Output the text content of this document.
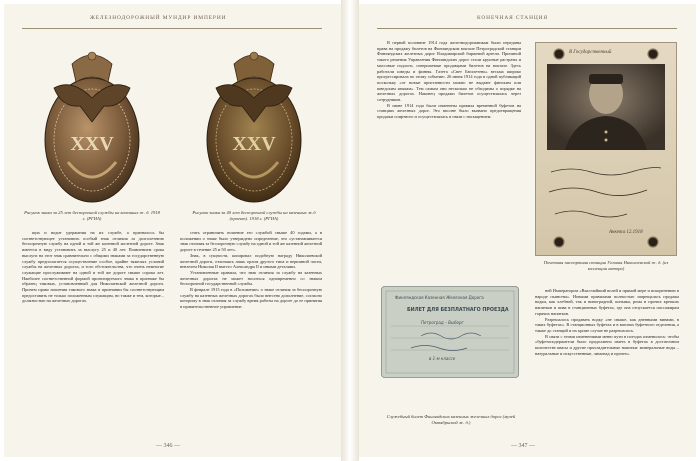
ЖЕЛЕЗНОДОРОЖНЫЙ МУНДИР ИМПЕРИИ
XXV
Рисунок знака за 25 лет беспорочной службы на казенных ж. д. 1918 г. (РГИА)
XXV
Рисунок знака за 40 лет беспорочной службы на казенных ж.д (проект). 1918 г. (РГИА)

щих и водит удержания на их службе, а призналось бы соответствующее установить особый знак отличия за долголетнюю беспорочную службу на одной и той же казенной железной дороге. Знак имеется в виду установить за выслугу 25 и 40 лет. Появлением срока выслуги на этот знак сравнительно с общими знаками за государственную службу предполагается осуществление особое, крайне тяжелых условий службы на железных дорогах, и того обстоятельства, что очень немногие служащие прослуживают на одной и той же дороге свыше сорока лет. Наиболее соответственной формой проектируемого знака в признаке бы образец таковых, установленный для Николаевской железной дороги. Причем право ношения такового знака в признании бы соответствующим предоставить не только положенным служащим, но также и тем, которые... должностью на железных дорогах.

стать ограничить ношение его службой свыше 40 годами, а в положении о знаке было утверждено определение, что «устанавливается знак отличия за беспорочную службу на одной и той же казенной железной дороге в течение 25 и 50 лет».

Знак, в сущности, копировал подобную награду Николаевской железной дороги, отличаясь лишь орлом другого типа и вершиной части, вензелем Николая II вместо Александра II и иными деталями.

Установленные правила, что знак отличия за службу на казенных железных дорогах не может носиться одновременно со знаком беспорочной государственной службы.

В феврале 1915 года в «Положение» о знаке отличия за беспорочную службу на казенных железных дорогах было внесено дополнение, согласно которому в знак отличия за службу время работы на дороге до ее принятия в правительственное управление.

— 346 —
КОНЕЧНАЯ СТАНЦИЯ

В первой половине 1914 года железнодорожникам были переданы права на продажу билетов на Финляндском вокзале Петроградской станции Финляндских железных дорог Владимирской биржевой артели. Причиной такого решения Управления Финляндских дорог стали крупные растраты и массовые подлоги, совершаемые продавцами билетов на вокзале. Здесь работали шведы и финны. Газета «Свет Бюллетень» весьма широко прогрессировала по этому событию. 26 июня 1914 года в одной публикаций поскольку «от новые пристанности можно не выдают финским или шведским языкам». Тем самым они несколько не обходимы о порядке на железных дорогах. Наконец продажи билетов осуществлялась через сотрудников.

В июне 1914 года были изменены правила временной буфетов на станциях железных дорог. Это вполне было вызвано предотвращения продажи спиртного и осуществлялась в связи с насыщением.

Финляндская Казенная Железная Дорога
БИЛЕТ ДЛЯ БЕЗПЛАТНАГО ПРОЕЗДА
Петроград – Выборг
в 1-м классе
Служебный билет Финляндских казенных железных дорог (музей Октябрьской ж. д.)
В Государственный
Анкета 12.1918
Почтовая паспортная станция Угловая Николаевской ж. д. (из коллекции автора)

ней Императором «Высочайший волей и прямой мере и искоренению в народе пьянства». Новыми правилами полностью запрещалась продажа водки, как хлебной, так и виноградной, коньяка, рома и прочих крепких напитков и пива в станционных буфетах, где она отпускается пассажирам горячих напитков.

Разрешалось продавать водку «не свыше, как дневными винами, в таких буфетах». В станционных буфетах и в вагонах буфетного отделения, а также до станций и их кроме случае не разрешалось.

В связи с этими изменениями меню пути в поездах изменилось: чтобы «буфетоподержатели было продолжено иметь в буфетах в достаточном количестве квасы и другие прохладительные напитки: минеральные воды – натуральные и искусственные, лимонад и прочее».

— 347 —
